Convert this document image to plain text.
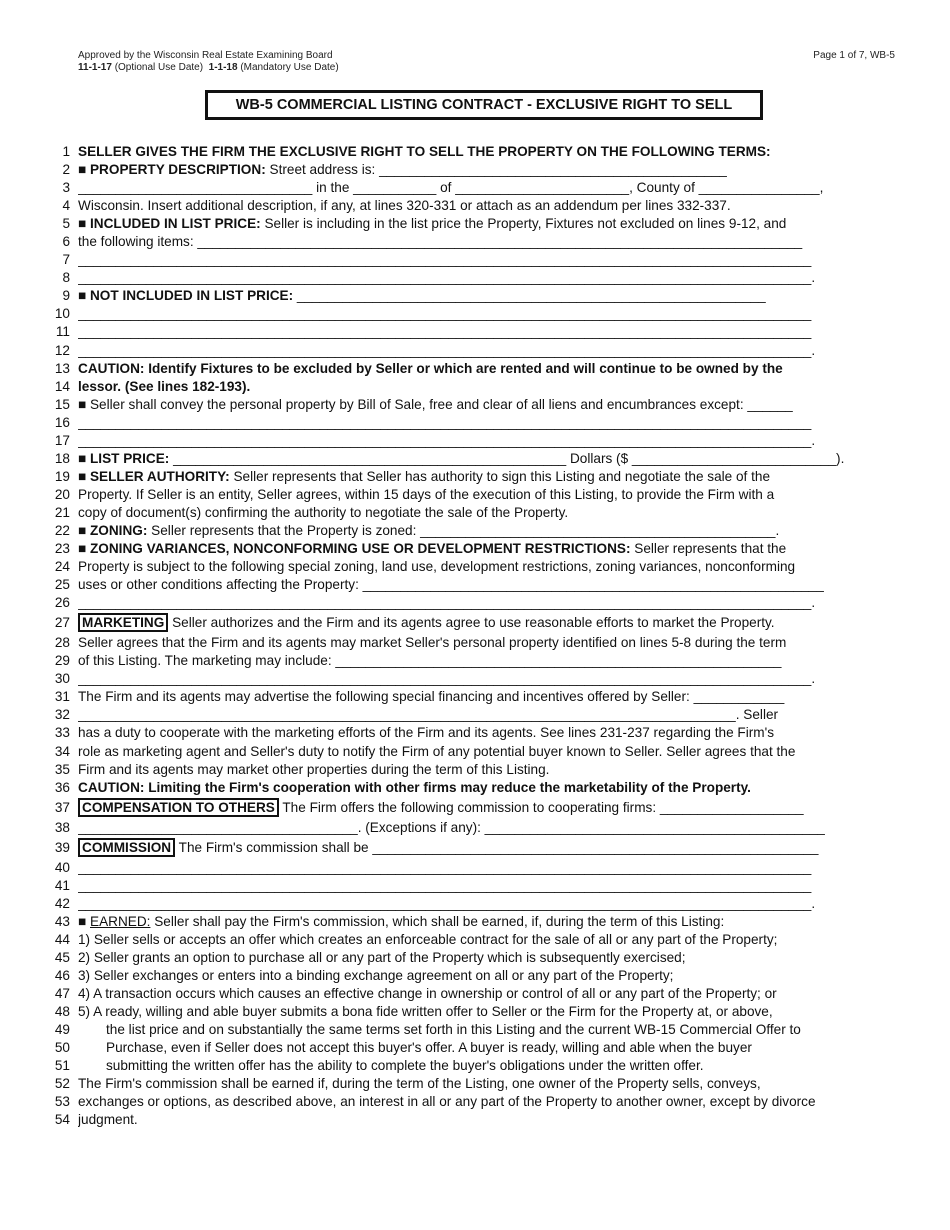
Approved by the Wisconsin Real Estate Examining Board
11-1-17 (Optional Use Date) 1-1-18 (Mandatory Use Date)
Page 1 of 7, WB-5
WB-5 COMMERCIAL LISTING CONTRACT - EXCLUSIVE RIGHT TO SELL
1 SELLER GIVES THE FIRM THE EXCLUSIVE RIGHT TO SELL THE PROPERTY ON THE FOLLOWING TERMS:
2 ■ PROPERTY DESCRIPTION: Street address is: ______________________________________________
3 _______________________________ in the ___________ of _______________________, County of ________________,
4 Wisconsin. Insert additional description, if any, at lines 320-331 or attach as an addendum per lines 332-337.
5 ■ INCLUDED IN LIST PRICE: Seller is including in the list price the Property, Fixtures not excluded on lines 9-12, and
6 the following items: ________________________________________________________________________________
7 _________________________________________________________________________________________________
8 _________________________________________________________________________________________________.
9 ■ NOT INCLUDED IN LIST PRICE: ______________________________________________________________
10 _________________________________________________________________________________________________
11 _________________________________________________________________________________________________
12 _________________________________________________________________________________________________.
13 CAUTION: Identify Fixtures to be excluded by Seller or which are rented and will continue to be owned by the
14 lessor. (See lines 182-193).
15 ■ Seller shall convey the personal property by Bill of Sale, free and clear of all liens and encumbrances except: ______
16 _________________________________________________________________________________________________
17 _________________________________________________________________________________________________.
18 ■ LIST PRICE: ____________________________________________________ Dollars ($ ___________________________).
19 ■ SELLER AUTHORITY: Seller represents that Seller has authority to sign this Listing and negotiate the sale of the
20 Property. If Seller is an entity, Seller agrees, within 15 days of the execution of this Listing, to provide the Firm with a
21 copy of document(s) confirming the authority to negotiate the sale of the Property.
22 ■ ZONING: Seller represents that the Property is zoned: _______________________________________________.
23 ■ ZONING VARIANCES, NONCONFORMING USE OR DEVELOPMENT RESTRICTIONS: Seller represents that the
24 Property is subject to the following special zoning, land use, development restrictions, zoning variances, nonconforming
25 uses or other conditions affecting the Property: _____________________________________________________________
26 _________________________________________________________________________________________________.
27 MARKETING Seller authorizes and the Firm and its agents agree to use reasonable efforts to market the Property.
28 Seller agrees that the Firm and its agents may market Seller's personal property identified on lines 5-8 during the term
29 of this Listing. The marketing may include: ___________________________________________________________
30 _________________________________________________________________________________________________.
31 The Firm and its agents may advertise the following special financing and incentives offered by Seller: ____________
32 _______________________________________________________________________________________. Seller
33 has a duty to cooperate with the marketing efforts of the Firm and its agents. See lines 231-237 regarding the Firm's
34 role as marketing agent and Seller's duty to notify the Firm of any potential buyer known to Seller. Seller agrees that the
35 Firm and its agents may market other properties during the term of this Listing.
36 CAUTION: Limiting the Firm's cooperation with other firms may reduce the marketability of the Property.
37 COMPENSATION TO OTHERS The Firm offers the following commission to cooperating firms: ___________________
38 _____________________________________. (Exceptions if any): _____________________________________________
39 COMMISSION The Firm's commission shall be ___________________________________________________________
40 _________________________________________________________________________________________________
41 _________________________________________________________________________________________________
42 _________________________________________________________________________________________________.
43 ■ EARNED: Seller shall pay the Firm's commission, which shall be earned, if, during the term of this Listing:
44 1) Seller sells or accepts an offer which creates an enforceable contract for the sale of all or any part of the Property;
45 2) Seller grants an option to purchase all or any part of the Property which is subsequently exercised;
46 3) Seller exchanges or enters into a binding exchange agreement on all or any part of the Property;
47 4) A transaction occurs which causes an effective change in ownership or control of all or any part of the Property; or
48 5) A ready, willing and able buyer submits a bona fide written offer to Seller or the Firm for the Property at, or above,
49	the list price and on substantially the same terms set forth in this Listing and the current WB-15 Commercial Offer to
50	Purchase, even if Seller does not accept this buyer's offer. A buyer is ready, willing and able when the buyer
51	submitting the written offer has the ability to complete the buyer's obligations under the written offer.
52 The Firm's commission shall be earned if, during the term of the Listing, one owner of the Property sells, conveys,
53 exchanges or options, as described above, an interest in all or any part of the Property to another owner, except by divorce
54 judgment.
